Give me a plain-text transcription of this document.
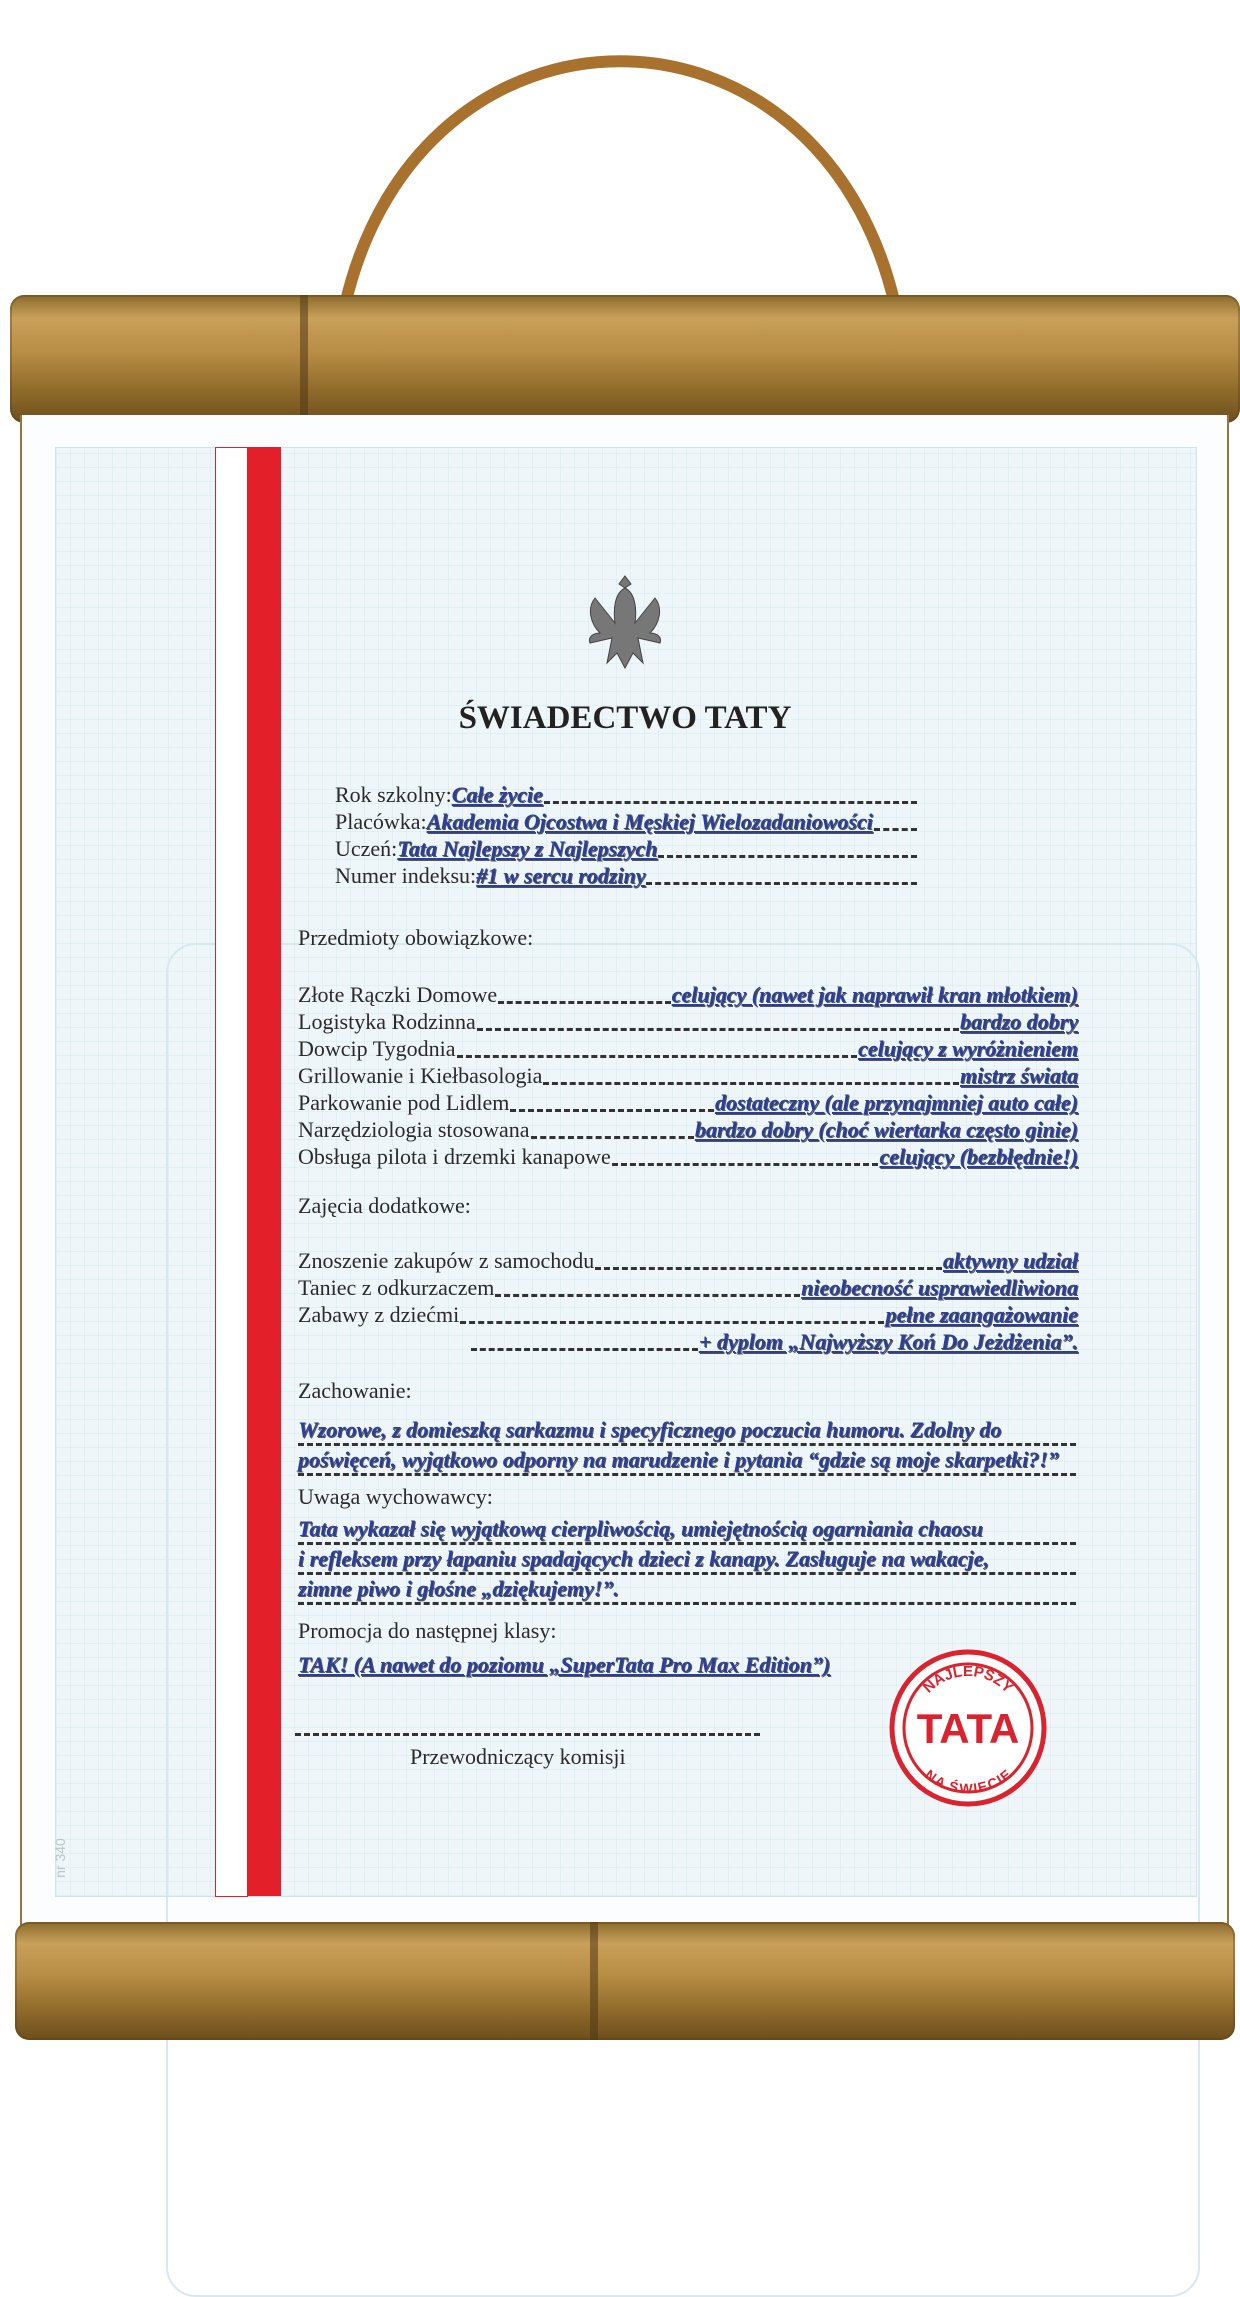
ŚWIADECTWO TATY
Rok szkolny: Całe życie
Placówka: Akademia Ojcostwa i Męskiej Wielozadaniowości
Uczeń: Tata Najlepszy z Najlepszych
Numer indeksu: #1 w sercu rodziny
Przedmioty obowiązkowe:
Złote Rączki Domowe	celujący (nawet jak naprawił kran młotkiem)
Logistyka Rodzinna	bardzo dobry
Dowcip Tygodnia	celujący z wyróżnieniem
Grillowanie i Kiełbasologia	mistrz świata
Parkowanie pod Lidlem	dostateczny (ale przynajmniej auto całe)
Narzędziologia stosowana	bardzo dobry (choć wiertarka często ginie)
Obsługa pilota i drzemki kanapowe	celujący (bezbłędnie!)
Zajęcia dodatkowe:
Znoszenie zakupów z samochodu	aktywny udział
Taniec z odkurzaczem	nieobecność usprawiedliwiona
Zabawy z dziećmi	pełne zaangażowanie
+ dyplom „Najwyższy Koń Do Jeżdżenia”.
Zachowanie:
Wzorowe, z domieszką sarkazmu i specyficznego poczucia humoru. Zdolny do
poświęceń, wyjątkowo odporny na marudzenie i pytania “gdzie są moje skarpetki?!”
Uwaga wychowawcy:
Tata wykazał się wyjątkową cierpliwością, umiejętnością ogarniania chaosu
i refleksem przy łapaniu spadających dzieci z kanapy. Zasługuje na wakacje,
zimne piwo i głośne „dziękujemy!”.
Promocja do następnej klasy:
TAK! (A nawet do poziomu „SuperTata Pro Max Edition”)
Przewodniczący komisji
NAJLEPSZY
TATA
NA ŚWIECIE
nr 340
